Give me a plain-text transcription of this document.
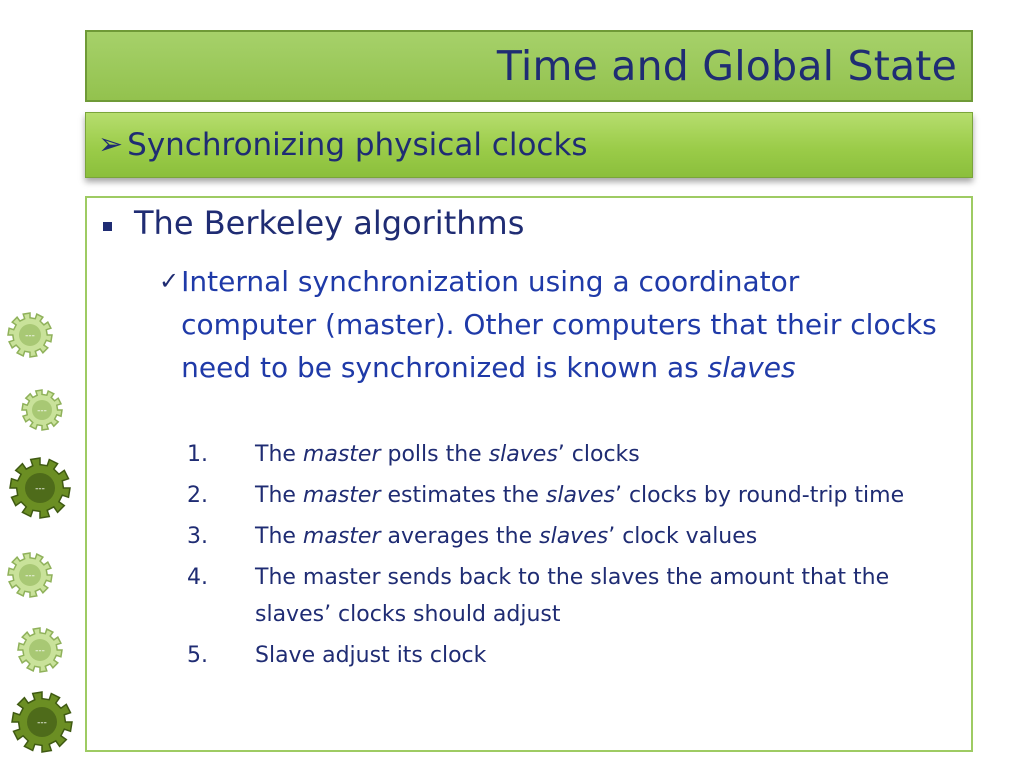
Time and Global State
➢ Synchronizing physical clocks
The Berkeley algorithms
✓ Internal synchronization using a coordinator computer (master). Other computers that their clocks need to be synchronized is known as slaves
1.	The master polls the slaves’ clocks
2.	The master estimates the slaves’ clocks by round-trip time
3.	The master averages the slaves’ clock values
4.	The master sends back to the slaves the amount that the slaves’ clocks should adjust
5.	Slave adjust its clock
---
---
---
---
---
---
